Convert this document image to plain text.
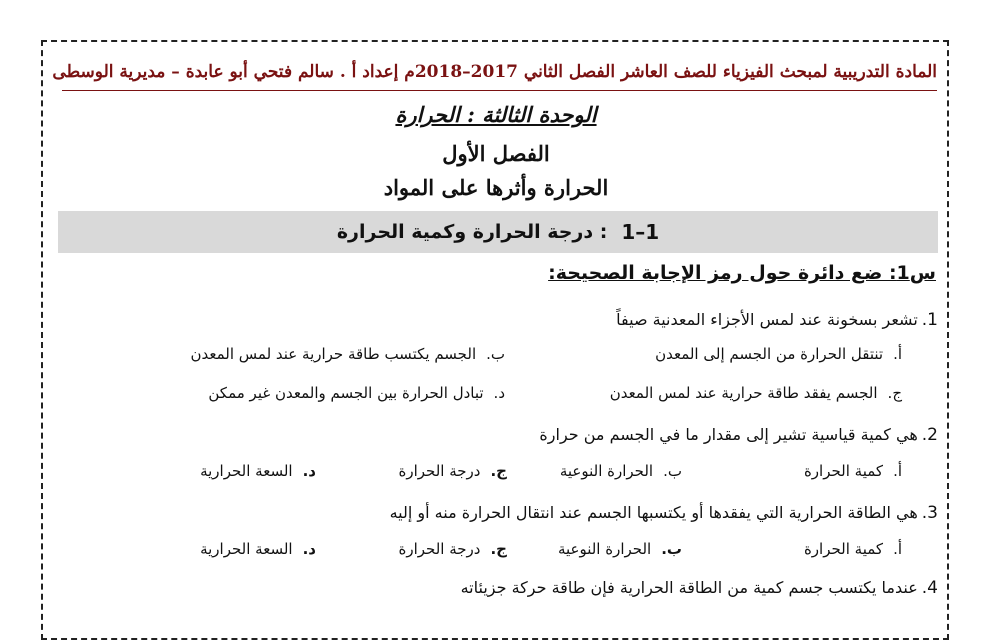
المادة التدريبية لمبحث الفيزياء للصف العاشر الفصل الثاني 2017–2018م إعداد أ . سالم فتحي أبو عابدة – مديرية الوسطى
الوحدة الثالثة : الحرارة
الفصل الأول
الحرارة وأثرها على المواد
1–1
: درجة الحرارة وكمية الحرارة
س1: ضع دائرة حول رمز الإجابة الصحيحة:
1.تشعر بسخونة عند لمس الأجزاء المعدنية صيفاً
أ.تنتقل الحرارة من الجسم إلى المعدن
ب.الجسم يكتسب طاقة حرارية عند لمس المعدن
ج.الجسم يفقد طاقة حرارية عند لمس المعدن
د.تبادل الحرارة بين الجسم والمعدن غير ممكن
2.هي كمية قياسية تشير إلى مقدار ما في الجسم من حرارة
أ.كمية الحرارة
ب.الحرارة النوعية
ج.درجة الحرارة
د.السعة الحرارية
3.هي الطاقة الحرارية التي يفقدها أو يكتسبها الجسم عند انتقال الحرارة منه أو إليه
أ.كمية الحرارة
ب.الحرارة النوعية
ج.درجة الحرارة
د.السعة الحرارية
4.عندما يكتسب جسم كمية من الطاقة الحرارية فإن طاقة حركة جزيئاته
